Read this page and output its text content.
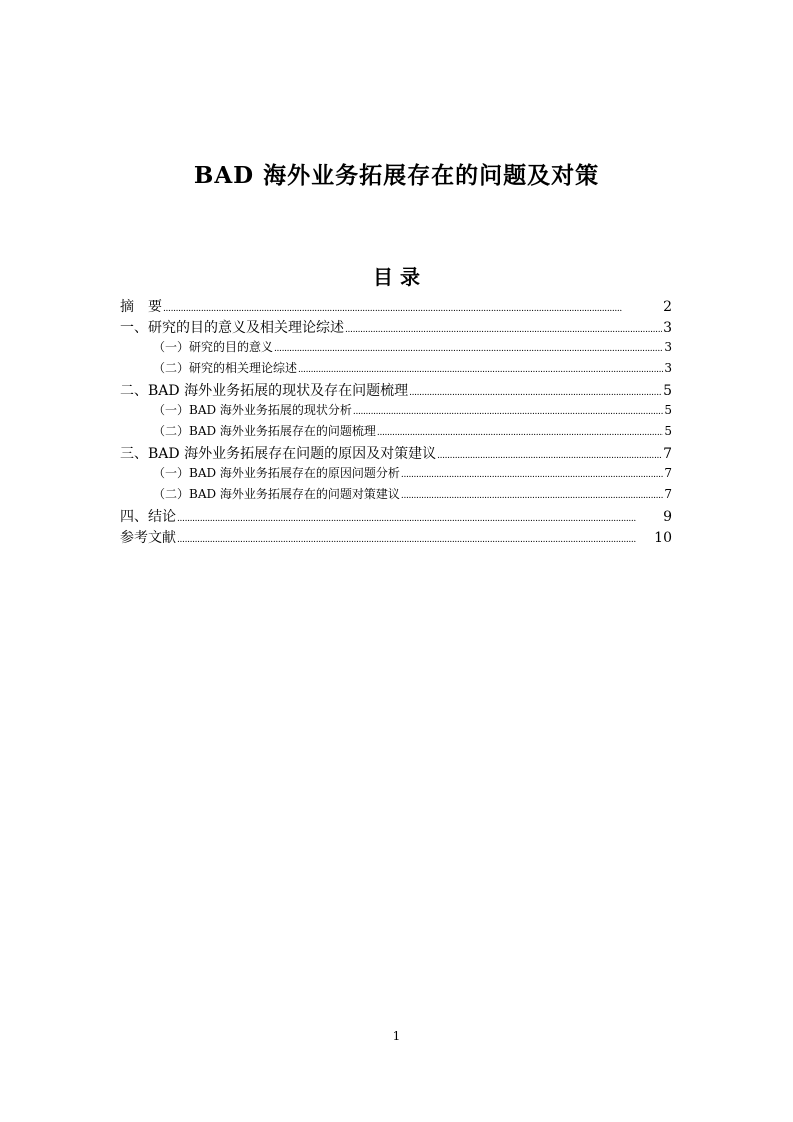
BAD 海外业务拓展存在的问题及对策
目 录
摘　要 . . .	2
一、研究的目的意义及相关理论综述 . . .	3
（一）研究的目的意义 . . .	3
（二）研究的相关理论综述 . . .	3
二、BAD 海外业务拓展的现状及存在问题梳理 . . .	5
（一）BAD 海外业务拓展的现状分析 . . .	5
（二）BAD 海外业务拓展存在的问题梳理 . . .	5
三、BAD 海外业务拓展存在问题的原因及对策建议 . . .	7
（一）BAD 海外业务拓展存在的原因问题分析 . . .	7
（二）BAD 海外业务拓展存在的问题对策建议 . . .	7
四、结论 . . .	9
参考文献 . . .	10
1
